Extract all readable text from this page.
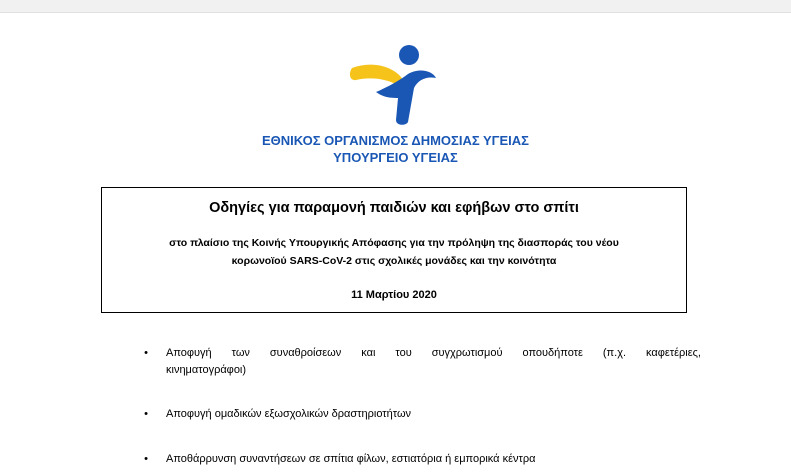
ΕΘΝΙΚΟΣ ΟΡΓΑΝΙΣΜΟΣ ΔΗΜΟΣΙΑΣ ΥΓΕΙΑΣ
ΥΠΟΥΡΓΕΙΟ ΥΓΕΙΑΣ
Οδηγίες για παραμονή παιδιών και εφήβων στο σπίτι
στο πλαίσιο της Κοινής Υπουργικής Απόφασης για την πρόληψη της διασποράς του νέου
κορωνοϊού SARS-CoV-2 στις σχολικές μονάδες και την κοινότητα
11 Μαρτίου 2020
• Αποφυγή των συναθροίσεων και του συγχρωτισμού οπουδήποτε (π.χ. καφετέριες,
κινηματογράφοι)
• Αποφυγή ομαδικών εξωσχολικών δραστηριοτήτων
• Αποθάρρυνση συναντήσεων σε σπίτια φίλων, εστιατόρια ή εμπορικά κέντρα
